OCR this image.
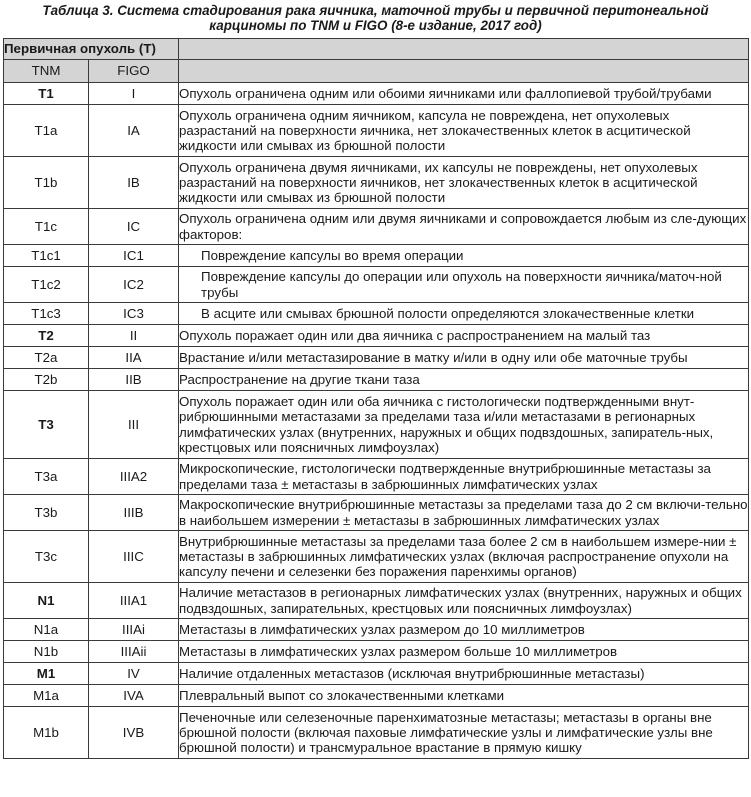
Таблица 3. Система стадирования рака яичника, маточной трубы и первичной перитонеальной карциномы по TNM и FIGO (8-е издание, 2017 год)
Первичная опухоль (T)		
TNM	FIGO	
T1	I	Опухоль ограничена одним или обоими яичниками или фаллопиевой трубой/трубами
T1a	IA	Опухоль ограничена одним яичником, капсула не повреждена, нет опухолевых разрастаний на поверхности яичника, нет злокачественных клеток в асцитической жидкости или смывах из брюшной полости
T1b	IB	Опухоль ограничена двумя яичниками, их капсулы не повреждены, нет опухолевых разрастаний на поверхности яичников, нет злокачественных клеток в асцитической жидкости или смывах из брюшной полости
T1c	IC	Опухоль ограничена одним или двумя яичниками и сопровождается любым из сле-дующих факторов:
T1c1	IC1	Повреждение капсулы во время операции
T1c2	IC2	Повреждение капсулы до операции или опухоль на поверхности яичника/маточ-ной трубы
T1c3	IC3	В асците или смывах брюшной полости определяются злокачественные клетки
T2	II	Опухоль поражает один или два яичника с распространением на малый таз
T2a	IIA	Врастание и/или метастазирование в матку и/или в одну или обе маточные трубы
T2b	IIB	Распространение на другие ткани таза
T3	III	Опухоль поражает один или оба яичника с гистологически подтвержденными внут-рибрюшинными метастазами за пределами таза и/или метастазами в регионарных лимфатических узлах (внутренних, наружных и общих подвздошных, запиратель-ных, крестцовых или поясничных лимфоузлах)
T3a	IIIA2	Микроскопические, гистологически подтвержденные внутрибрюшинные метастазы за пределами таза ± метастазы в забрюшинных лимфатических узлах
T3b	IIIB	Макроскопические внутрибрюшинные метастазы за пределами таза до 2 см включи-тельно в наибольшем измерении ± метастазы в забрюшинных лимфатических узлах
T3c	IIIC	Внутрибрюшинные метастазы за пределами таза более 2 см в наибольшем измере-нии ± метастазы в забрюшинных лимфатических узлах (включая распространение опухоли на капсулу печени и селезенки без поражения паренхимы органов)
N1	IIIA1	Наличие метастазов в регионарных лимфатических узлах (внутренних, наружных и общих подвздошных, запирательных, крестцовых или поясничных лимфоузлах)
N1a	IIIAi	Метастазы в лимфатических узлах размером до 10 миллиметров
N1b	IIIAii	Метастазы в лимфатических узлах размером больше 10 миллиметров
M1	IV	Наличие отдаленных метастазов (исключая внутрибрюшинные метастазы)
M1a	IVA	Плевральный выпот со злокачественными клетками
M1b	IVB	Печеночные или селезеночные паренхиматозные метастазы; метастазы в органы вне брюшной полости (включая паховые лимфатические узлы и лимфатические узлы вне брюшной полости) и трансмуральное врастание в прямую кишку
